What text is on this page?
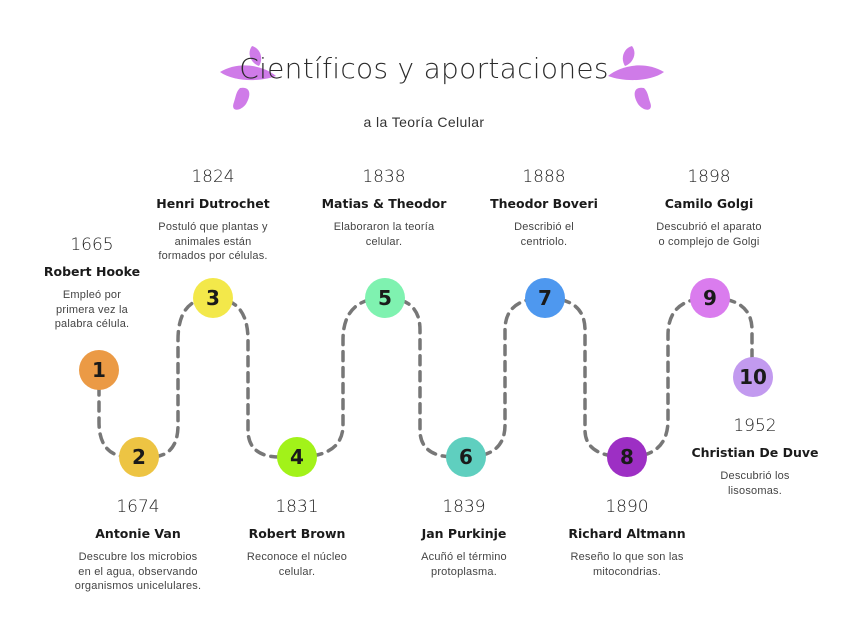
Científicos y aportaciones
a la Teoría Celular
1
2
3
4
5
6
7
8
9
10
1665
Robert Hooke
Empleó por
primera vez la
palabra célula.
1674
Antonie Van
Descubre los microbios
en el agua, observando
organismos unicelulares.
1824
Henri Dutrochet
Postuló que plantas y
animales están
formados por células.
1831
Robert Brown
Reconoce el núcleo
celular.
1838
Matias & Theodor
Elaboraron la teoría
celular.
1839
Jan Purkinje
Acuñó el término
protoplasma.
1888
Theodor Boveri
Describió el
centriolo.
1890
Richard Altmann
Reseño lo que son las
mitocondrias.
1898
Camilo Golgi
Descubrió el aparato
o complejo de Golgi
1952
Christian De Duve
Descubrió los
lisosomas.
